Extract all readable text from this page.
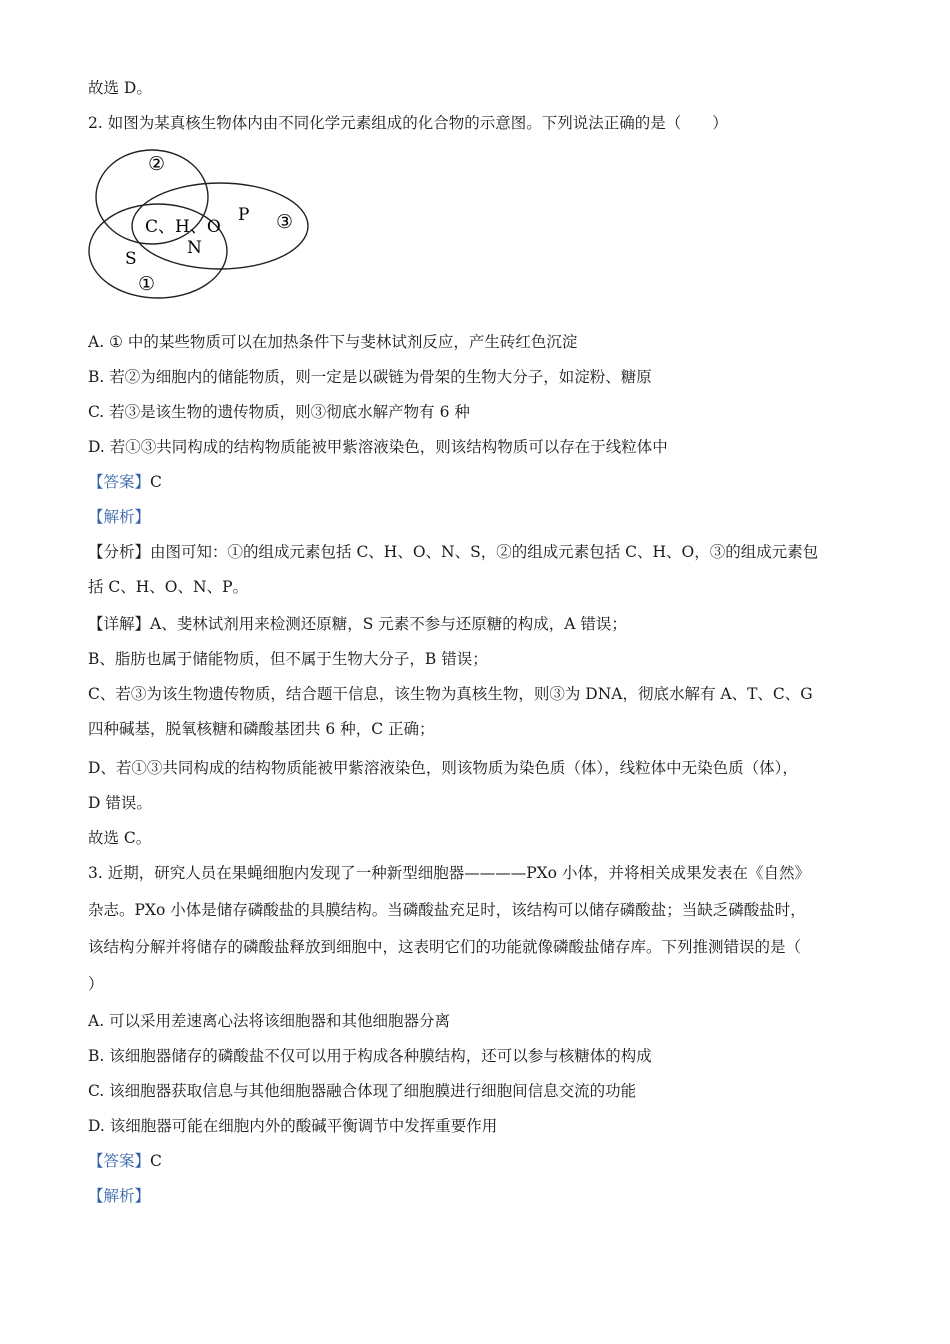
故选 D。
2. 如图为某真核生物体内由不同化学元素组成的化合物的示意图。下列说法正确的是（　　）
②
③
①
C、H、O
N
P
S
A. ① 中的某些物质可以在加热条件下与斐林试剂反应，产生砖红色沉淀
B. 若②为细胞内的储能物质，则一定是以碳链为骨架的生物大分子，如淀粉、糖原
C. 若③是该生物的遗传物质，则③彻底水解产物有 6 种
D. 若①③共同构成的结构物质能被甲紫溶液染色，则该结构物质可以存在于线粒体中
【答案】C
【解析】
【分析】由图可知：①的组成元素包括 C、H、O、N、S，②的组成元素包括 C、H、O，③的组成元素包
括 C、H、O、N、P。
【详解】A、斐林试剂用来检测还原糖，S 元素不参与还原糖的构成，A 错误；
B、脂肪也属于储能物质，但不属于生物大分子，B 错误；
C、若③为该生物遗传物质，结合题干信息，该生物为真核生物，则③为 DNA，彻底水解有 A、T、C、G
四种碱基，脱氧核糖和磷酸基团共 6 种，C 正确；
D、若①③共同构成的结构物质能被甲紫溶液染色，则该物质为染色质（体），线粒体中无染色质（体），
D 错误。
故选 C。
3. 近期，研究人员在果蝇细胞内发现了一种新型细胞器————PXo 小体，并将相关成果发表在《自然》
杂志。PXo 小体是储存磷酸盐的具膜结构。当磷酸盐充足时，该结构可以储存磷酸盐；当缺乏磷酸盐时，
该结构分解并将储存的磷酸盐释放到细胞中，这表明它们的功能就像磷酸盐储存库。下列推测错误的是（
）
A. 可以采用差速离心法将该细胞器和其他细胞器分离
B. 该细胞器储存的磷酸盐不仅可以用于构成各种膜结构，还可以参与核糖体的构成
C. 该细胞器获取信息与其他细胞器融合体现了细胞膜进行细胞间信息交流的功能
D. 该细胞器可能在细胞内外的酸碱平衡调节中发挥重要作用
【答案】C
【解析】
